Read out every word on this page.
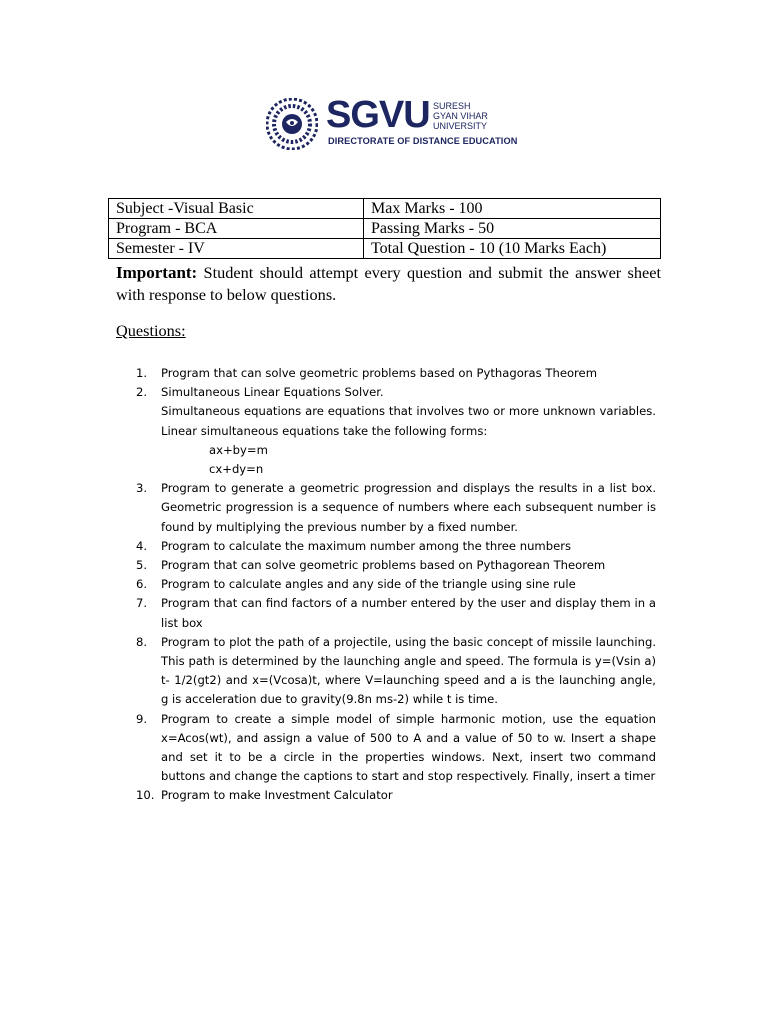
SGVU SURESH
GYAN VIHAR
UNIVERSITY
DIRECTORATE OF DISTANCE EDUCATION
Subject -Visual Basic	Max Marks - 100
Program - BCA	Passing Marks - 50
Semester - IV	Total Question - 10 (10 Marks Each)
Important: Student should attempt every question and submit the answer sheet with response to below questions.
Questions:
1. Program that can solve geometric problems based on Pythagoras Theorem
2. Simultaneous Linear Equations Solver.
Simultaneous equations are equations that involves two or more unknown variables. Linear simultaneous equations take the following forms:
ax+by=m
cx+dy=n
3. Program to generate a geometric progression and displays the results in a list box. Geometric progression is a sequence of numbers where each subsequent number is found by multiplying the previous number by a fixed number.
4. Program to calculate the maximum number among the three numbers
5. Program that can solve geometric problems based on Pythagorean Theorem
6. Program to calculate angles and any side of the triangle using sine rule
7. Program that can find factors of a number entered by the user and display them in a list box
8. Program to plot the path of a projectile, using the basic concept of missile launching. This path is determined by the launching angle and speed. The formula is y=(Vsin a) t- 1/2(gt2) and x=(Vcosa)t, where V=launching speed and a is the launching angle, g is acceleration due to gravity(9.8n ms-2) while t is time.
9. Program to create a simple model of simple harmonic motion, use the equation x=Acos(wt), and assign a value of 500 to A and a value of 50 to w. Insert a shape and set it to be a circle in the properties windows. Next, insert two command buttons and change the captions to start and stop respectively. Finally, insert a timer
10. Program to make Investment Calculator
